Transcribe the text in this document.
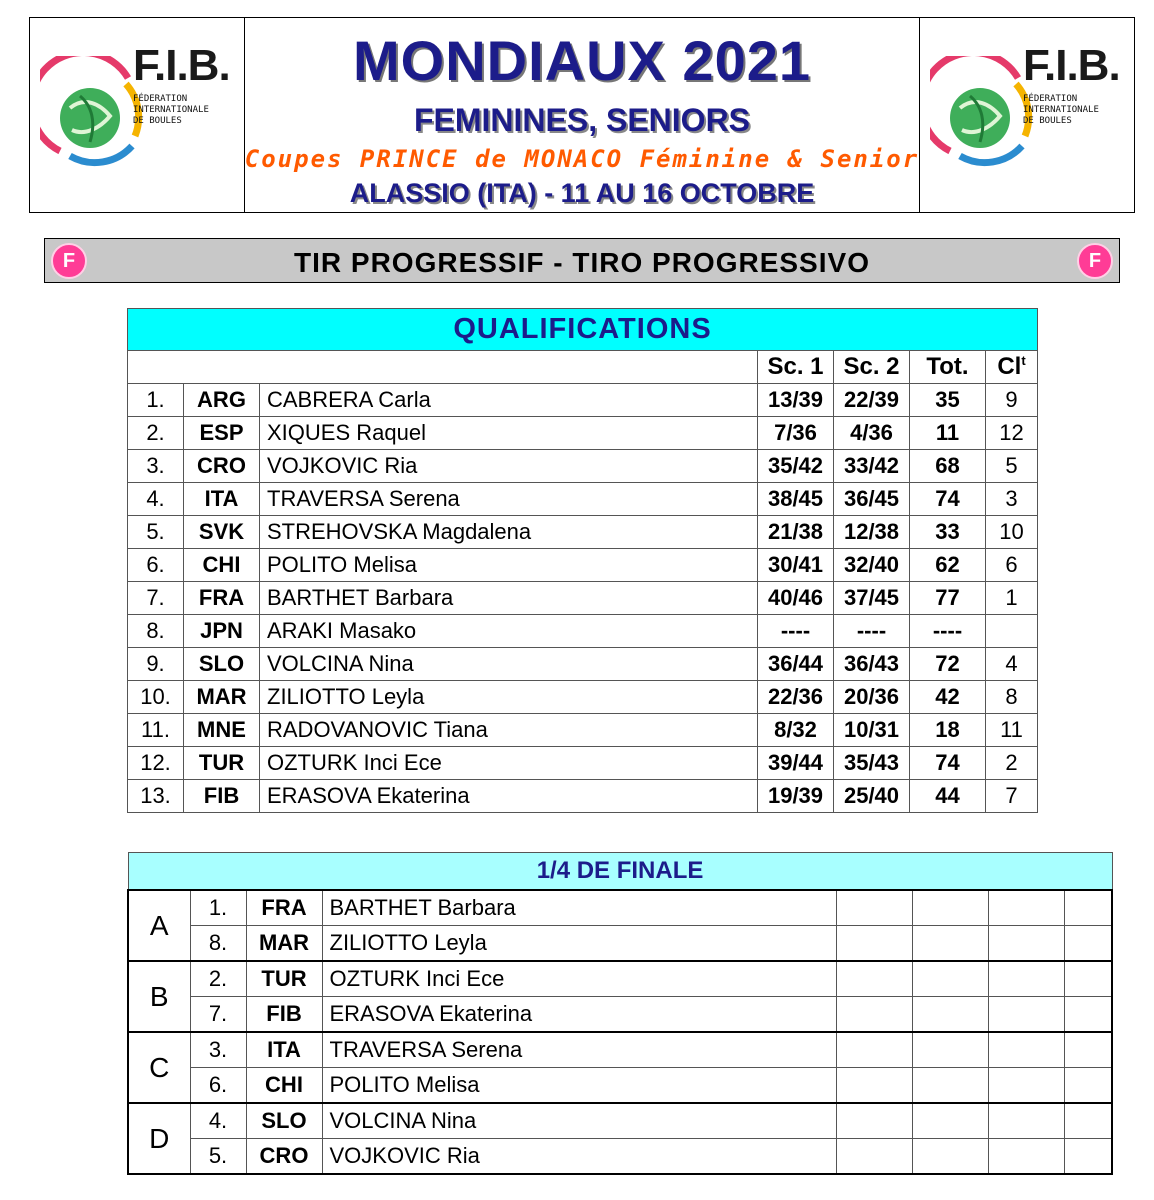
F.I.B.
FÉDERATION
INTERNATIONALE
DE BOULES
MONDIAUX 2021
FEMININES, SENIORS
Coupes PRINCE de MONACO Féminine & Senior
ALASSIO (ITA) - 11 AU 16 OCTOBRE
F.I.B.
FÉDERATION
INTERNATIONALE
DE BOULES
F	TIR PROGRESSIF - TIRO PROGRESSIVO	F
QUALIFICATIONS						
			Sc. 1	Sc. 2	Tot.	Cl$^t$
1.	ARG	CABRERA Carla	13/39	22/39	35	9
2.	ESP	XIQUES Raquel	7/36	4/36	11	12
3.	CRO	VOJKOVIC Ria	35/42	33/42	68	5
4.	ITA	TRAVERSA Serena	38/45	36/45	74	3
5.	SVK	STREHOVSKA Magdalena	21/38	12/38	33	10
6.	CHI	POLITO Melisa	30/41	32/40	62	6
7.	FRA	BARTHET Barbara	40/46	37/45	77	1
8.	JPN	ARAKI Masako	----	----	----	
9.	SLO	VOLCINA Nina	36/44	36/43	72	4
10.	MAR	ZILIOTTO Leyla	22/36	20/36	42	8
11.	MNE	RADOVANOVIC Tiana	8/32	10/31	18	11
12.	TUR	OZTURK Inci Ece	39/44	35/43	74	2
13.	FIB	ERASOVA Ekaterina	19/39	25/40	44	7
1/4 DE FINALE							
A	1.	FRA	BARTHET Barbara				
	8.	MAR	ZILIOTTO Leyla				
B	2.	TUR	OZTURK Inci Ece				
	7.	FIB	ERASOVA Ekaterina				
C	3.	ITA	TRAVERSA Serena				
	6.	CHI	POLITO Melisa				
D	4.	SLO	VOLCINA Nina				
	5.	CRO	VOJKOVIC Ria				
